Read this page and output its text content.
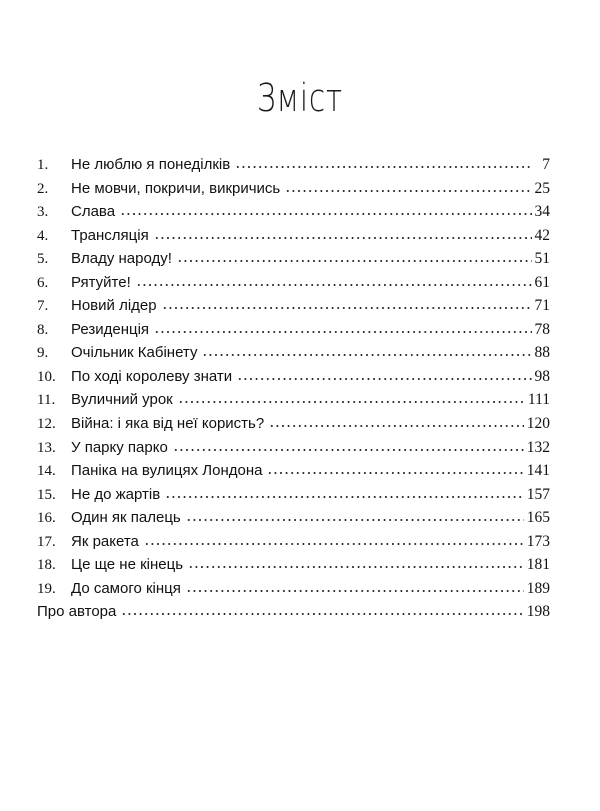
Зміст
1.	Не люблю я понеділків	7
2.	Не мовчи, покричи, викричись	25
3.	Слава	34
4.	Трансляція	42
5.	Владу народу!	51
6.	Рятуйте!	61
7.	Новий лідер	71
8.	Резиденція	78
9.	Очільник Кабінету	88
10.	По ході королеву знати	98
11.	Вуличний урок	111
12.	Війна: і яка від неї користь?	120
13.	У парку парко	132
14.	Паніка на вулицях Лондона	141
15.	Не до жартів	157
16.	Один як палець	165
17.	Як ракета	173
18.	Це ще не кінець	181
19.	До самого кінця	189
Про автора	198
